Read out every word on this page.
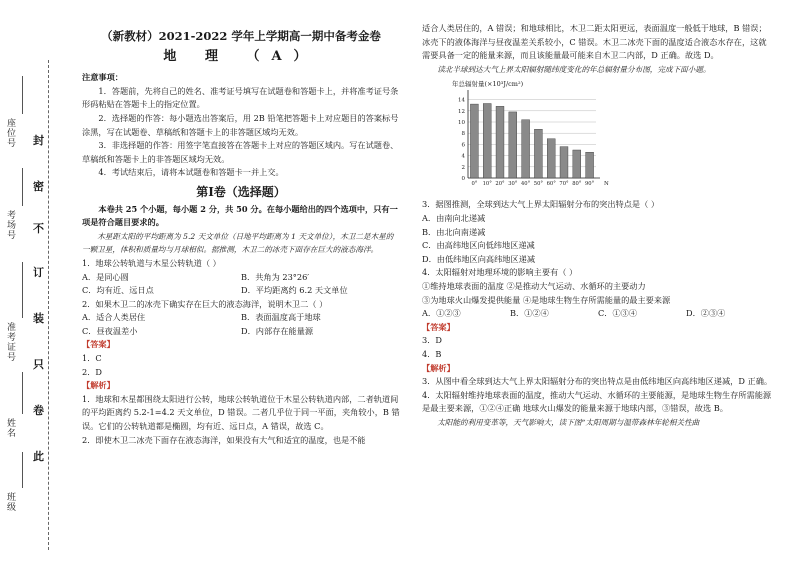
座位号
考场号
准考证号
姓名
班级
封
密
不
订
装
只
卷
此
（新教材）2021-2022 学年上学期高一期中备考金卷
地 理 （A）

注意事项：

1．答题前，先将自己的姓名、准考证号填写在试题卷和答题卡上，并将准考证号条形码粘贴在答题卡上的指定位置。

2．选择题的作答：每小题选出答案后，用 2B 铅笔把答题卡上对应题目的答案标号涂黑，写在试题卷、草稿纸和答题卡上的非答题区域均无效。

3．非选择题的作答：用签字笔直接答在答题卡上对应的答题区域内。写在试题卷、草稿纸和答题卡上的非答题区域均无效。

4．考试结束后，请将本试题卷和答题卡一并上交。

第Ⅰ卷（选择题）

本卷共 25 个小题，每小题 2 分，共 50 分。在每小题给出的四个选项中，只有一项是符合题目要求的。

木星距太阳的平均距离为 5.2 天文单位（日地平均距离为 1 天文单位），木卫二是木星的一颗卫星，体积和质量均与月球相似。据推测，木卫二的冰壳下面存在巨大的液态海洋。

1．地球公转轨道与木星公转轨道（ ）

A．是同心圆	B．共角为 23°26′
C．均有近、远日点	D．平均距离约 6.2 天文单位

2．如果木卫二的冰壳下确实存在巨大的液态海洋，说明木卫二（ ）

A．适合人类居住	B．表面温度高于地球
C．昼夜温差小	D．内部存在能量源

【答案】

1．C

2．D

【解析】

1．地球和木星都围绕太阳进行公转，地球公转轨道位于木星公转轨道内部，二者轨道间的平均距离约 5.2-1=4.2 天文单位，D 错误。二者几乎位于同一平面，夹角较小，B 错误。它们的公转轨道都是椭圆，均有近、远日点，A 错误，故选 C。

2．即使木卫二冰壳下面存在液态海洋，如果没有大气和适宜的温度，也是不能

适合人类居住的，A 错误；和地球相比，木卫二距太阳更远，表面温度一般低于地球，B 错误；冰壳下的液体海洋与昼夜温差关系较小，C 错误。木卫二冰壳下面的温度适合液态水存在，这就需要具备一定的能量来源，而且该能量最可能来自木卫二内部，D 正确。故选 D。

读北半球到达大气上界太阳辐射随纬度变化的年总辐射量分布图，完成下面小题。

年总辐射量(×10³J/cm²)
0
2
4
6
8
10
12
14
0° 10° 20° 30° 40° 50° 60° 70° 80° 90° N

3．据图推测，全球到达大气上界太阳辐射分布的突出特点是（ ）

A．由南向北递减

B．由北向南递减

C．由高纬地区向低纬地区递减

D．由低纬地区向高纬地区递减

4．太阳辐射对地理环境的影响主要有（ ）

①维持地球表面的温度 ②是推动大气运动、水循环的主要动力

③为地球火山爆发提供能量 ④是地球生物生存所需能量的最主要来源

A．①②③	B．①②④	C．①③④	D．②③④

【答案】

3．D

4．B

【解析】

3．从图中看全球到达大气上界太阳辐射分布的突出特点是由低纬地区向高纬地区递减，D 正确。

4．太阳辐射维持地球表面的温度，推动大气运动、水循环的主要能源，是地球生物生存所需能源是最主要来源，①②④正确 地球火山爆发的能量来源于地球内部，③错误，故选 B。

太阳能的利用变革等，天气影响大，读下图“太阳周期与温带森林年轮相关性曲
